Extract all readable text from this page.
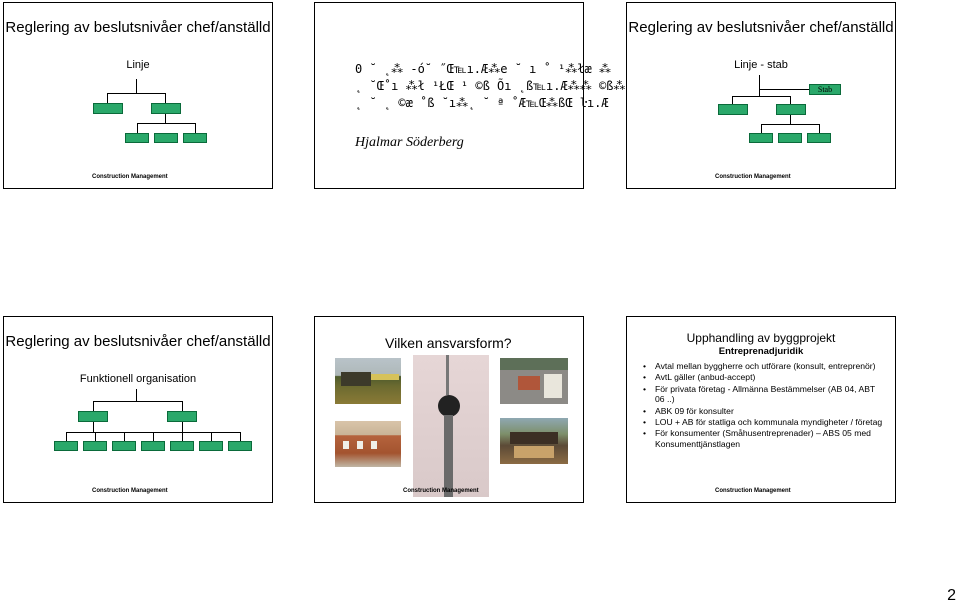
Reglering av beslutsnivåer chef/anställd
Linje
Construction Management
0 ˘ ˛⁂ -ó˘ ˝Œ℡ı.Æ⁂e ˘ ı ˚ ¹⁂łæ ⁂
˛ ˘Œ˚ı ⁂ł ¹ŁŒ ¹ ©ß Õı ˛ß℡ı.Æ⁂⁂ ©ß⁂
˛ ˘ ˛ ©æ ˚ß ˘ı⁂˛ ˘ ª ˚Æ℡Œ⁂ßŒ ŀı.Æ
Hjalmar Söderberg
Reglering av beslutsnivåer chef/anställd
Linje - stab
Stab
Construction Management
Reglering av beslutsnivåer chef/anställd
Funktionell organisation
Construction Management
Vilken ansvarsform?
Construction Management
Upphandling av byggprojekt
Entreprenadjuridik
• Avtal mellan byggherre och utförare (konsult, entreprenör)
• AvtL gäller (anbud-accept)
• För privata företag - Allmänna Bestämmelser (AB 04, ABT 06 ..)
• ABK 09 för konsulter
• LOU + AB för statliga och kommunala myndigheter / företag
• För konsumenter (Småhusentreprenader) – ABS 05 med Konsumenttjänstlagen
Construction Management
2
